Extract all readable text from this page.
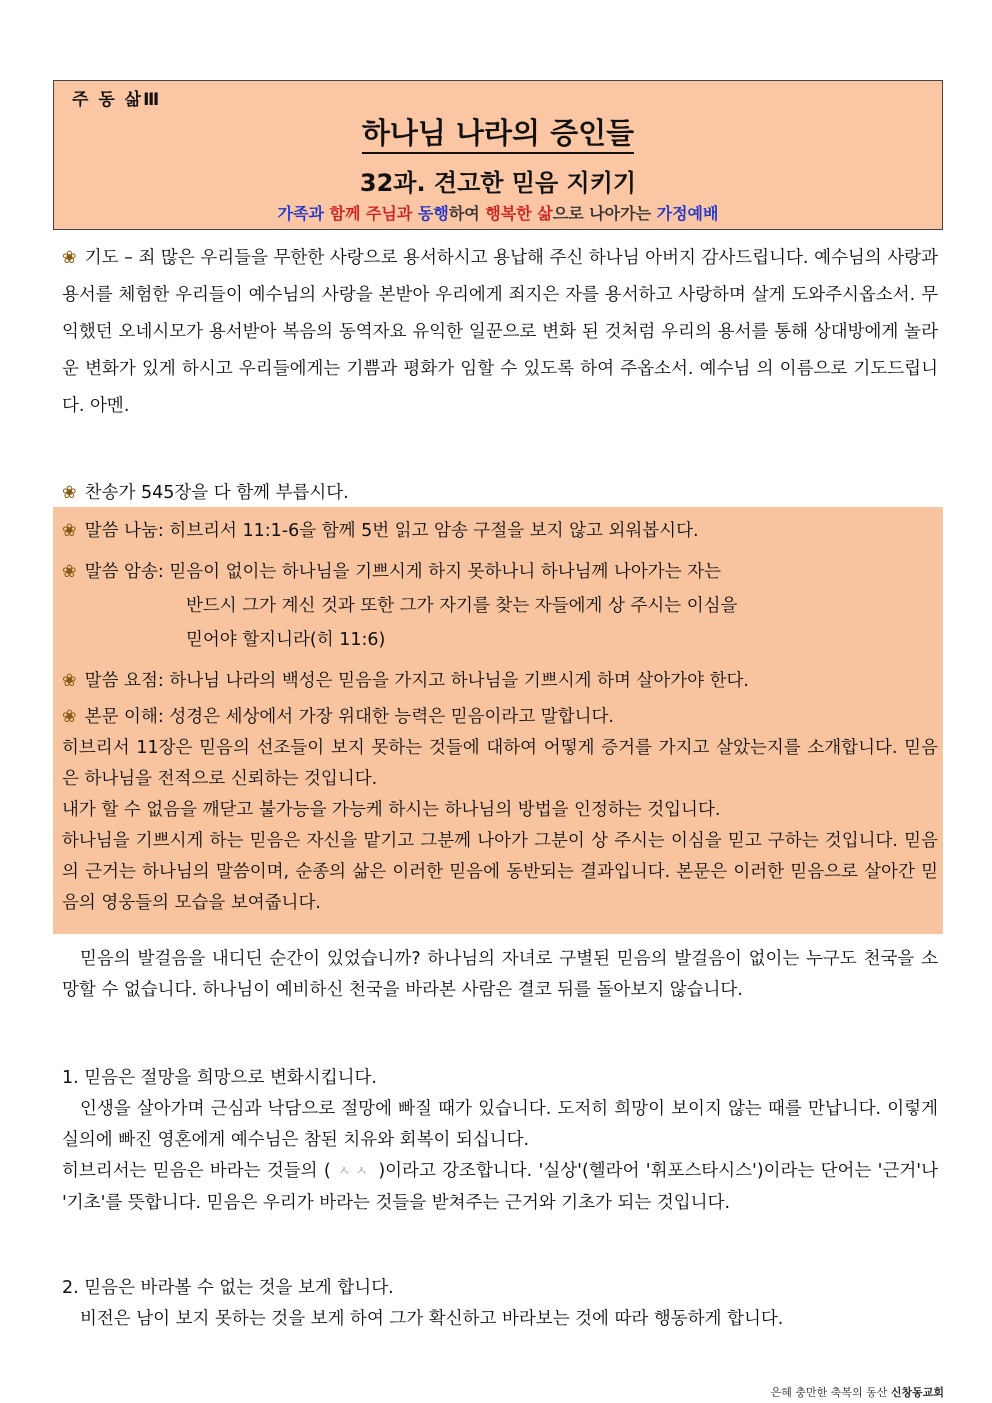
주 동 삶Ⅲ
하나님 나라의 증인들
32과. 견고한 믿음 지키기
가족과 함께 주님과 동행하여 행복한 삶으로 나아가는 가정예배

❀ 기도 – 죄 많은 우리들을 무한한 사랑으로 용서하시고 용납해 주신 하나님 아버지 감사드립니다. 예수님의 사랑과 용서를 체험한 우리들이 예수님의 사랑을 본받아 우리에게 죄지은 자를 용서하고 사랑하며 살게 도와주시옵소서. 무익했던 오네시모가 용서받아 복음의 동역자요 유익한 일꾼으로 변화 된 것처럼 우리의 용서를 통해 상대방에게 놀라운 변화가 있게 하시고 우리들에게는 기쁨과 평화가 임할 수 있도록 하여 주옵소서. 예수님 의 이름으로 기도드립니다. 아멘.

❀ 찬송가 545장을 다 함께 부릅시다.

❀ 말씀 나눔: 히브리서 11:1-6을 함께 5번 읽고 암송 구절을 보지 않고 외워봅시다.

❀ 말씀 암송: 믿음이 없이는 하나님을 기쁘시게 하지 못하나니 하나님께 나아가는 자는

반드시 그가 계신 것과 또한 그가 자기를 찾는 자들에게 상 주시는 이심을

믿어야 할지니라(히 11:6)

❀ 말씀 요점: 하나님 나라의 백성은 믿음을 가지고 하나님을 기쁘시게 하며 살아가야 한다.

❀ 본문 이해: 성경은 세상에서 가장 위대한 능력은 믿음이라고 말합니다.

히브리서 11장은 믿음의 선조들이 보지 못하는 것들에 대하여 어떻게 증거를 가지고 살았는지를 소개합니다. 믿음은 하나님을 전적으로 신뢰하는 것입니다.

내가 할 수 없음을 깨닫고 불가능을 가능케 하시는 하나님의 방법을 인정하는 것입니다.

하나님을 기쁘시게 하는 믿음은 자신을 맡기고 그분께 나아가 그분이 상 주시는 이심을 믿고 구하는 것입니다. 믿음의 근거는 하나님의 말씀이며, 순종의 삶은 이러한 믿음에 동반되는 결과입니다. 본문은 이러한 믿음으로 살아간 믿음의 영웅들의 모습을 보여줍니다.

믿음의 발걸음을 내디딘 순간이 있었습니까? 하나님의 자녀로 구별된 믿음의 발걸음이 없이는 누구도 천국을 소망할 수 없습니다. 하나님이 예비하신 천국을 바라본 사람은 결코 뒤를 돌아보지 않습니다.

1. 믿음은 절망을 희망으로 변화시킵니다.

인생을 살아가며 근심과 낙담으로 절망에 빠질 때가 있습니다. 도저히 희망이 보이지 않는 때를 만납니다. 이렇게 실의에 빠진 영혼에게 예수님은 참된 치유와 회복이 되십니다.

히브리서는 믿음은 바라는 것들의 ( ㅅㅅ )이라고 강조합니다. '실상'(헬라어 '휘포스타시스')이라는 단어는 '근거'나 '기초'를 뜻합니다. 믿음은 우리가 바라는 것들을 받쳐주는 근거와 기초가 되는 것입니다.

2. 믿음은 바라볼 수 없는 것을 보게 합니다.

비전은 남이 보지 못하는 것을 보게 하여 그가 확신하고 바라보는 것에 따라 행동하게 합니다.

은혜 충만한 축복의 동산 신창동교회
